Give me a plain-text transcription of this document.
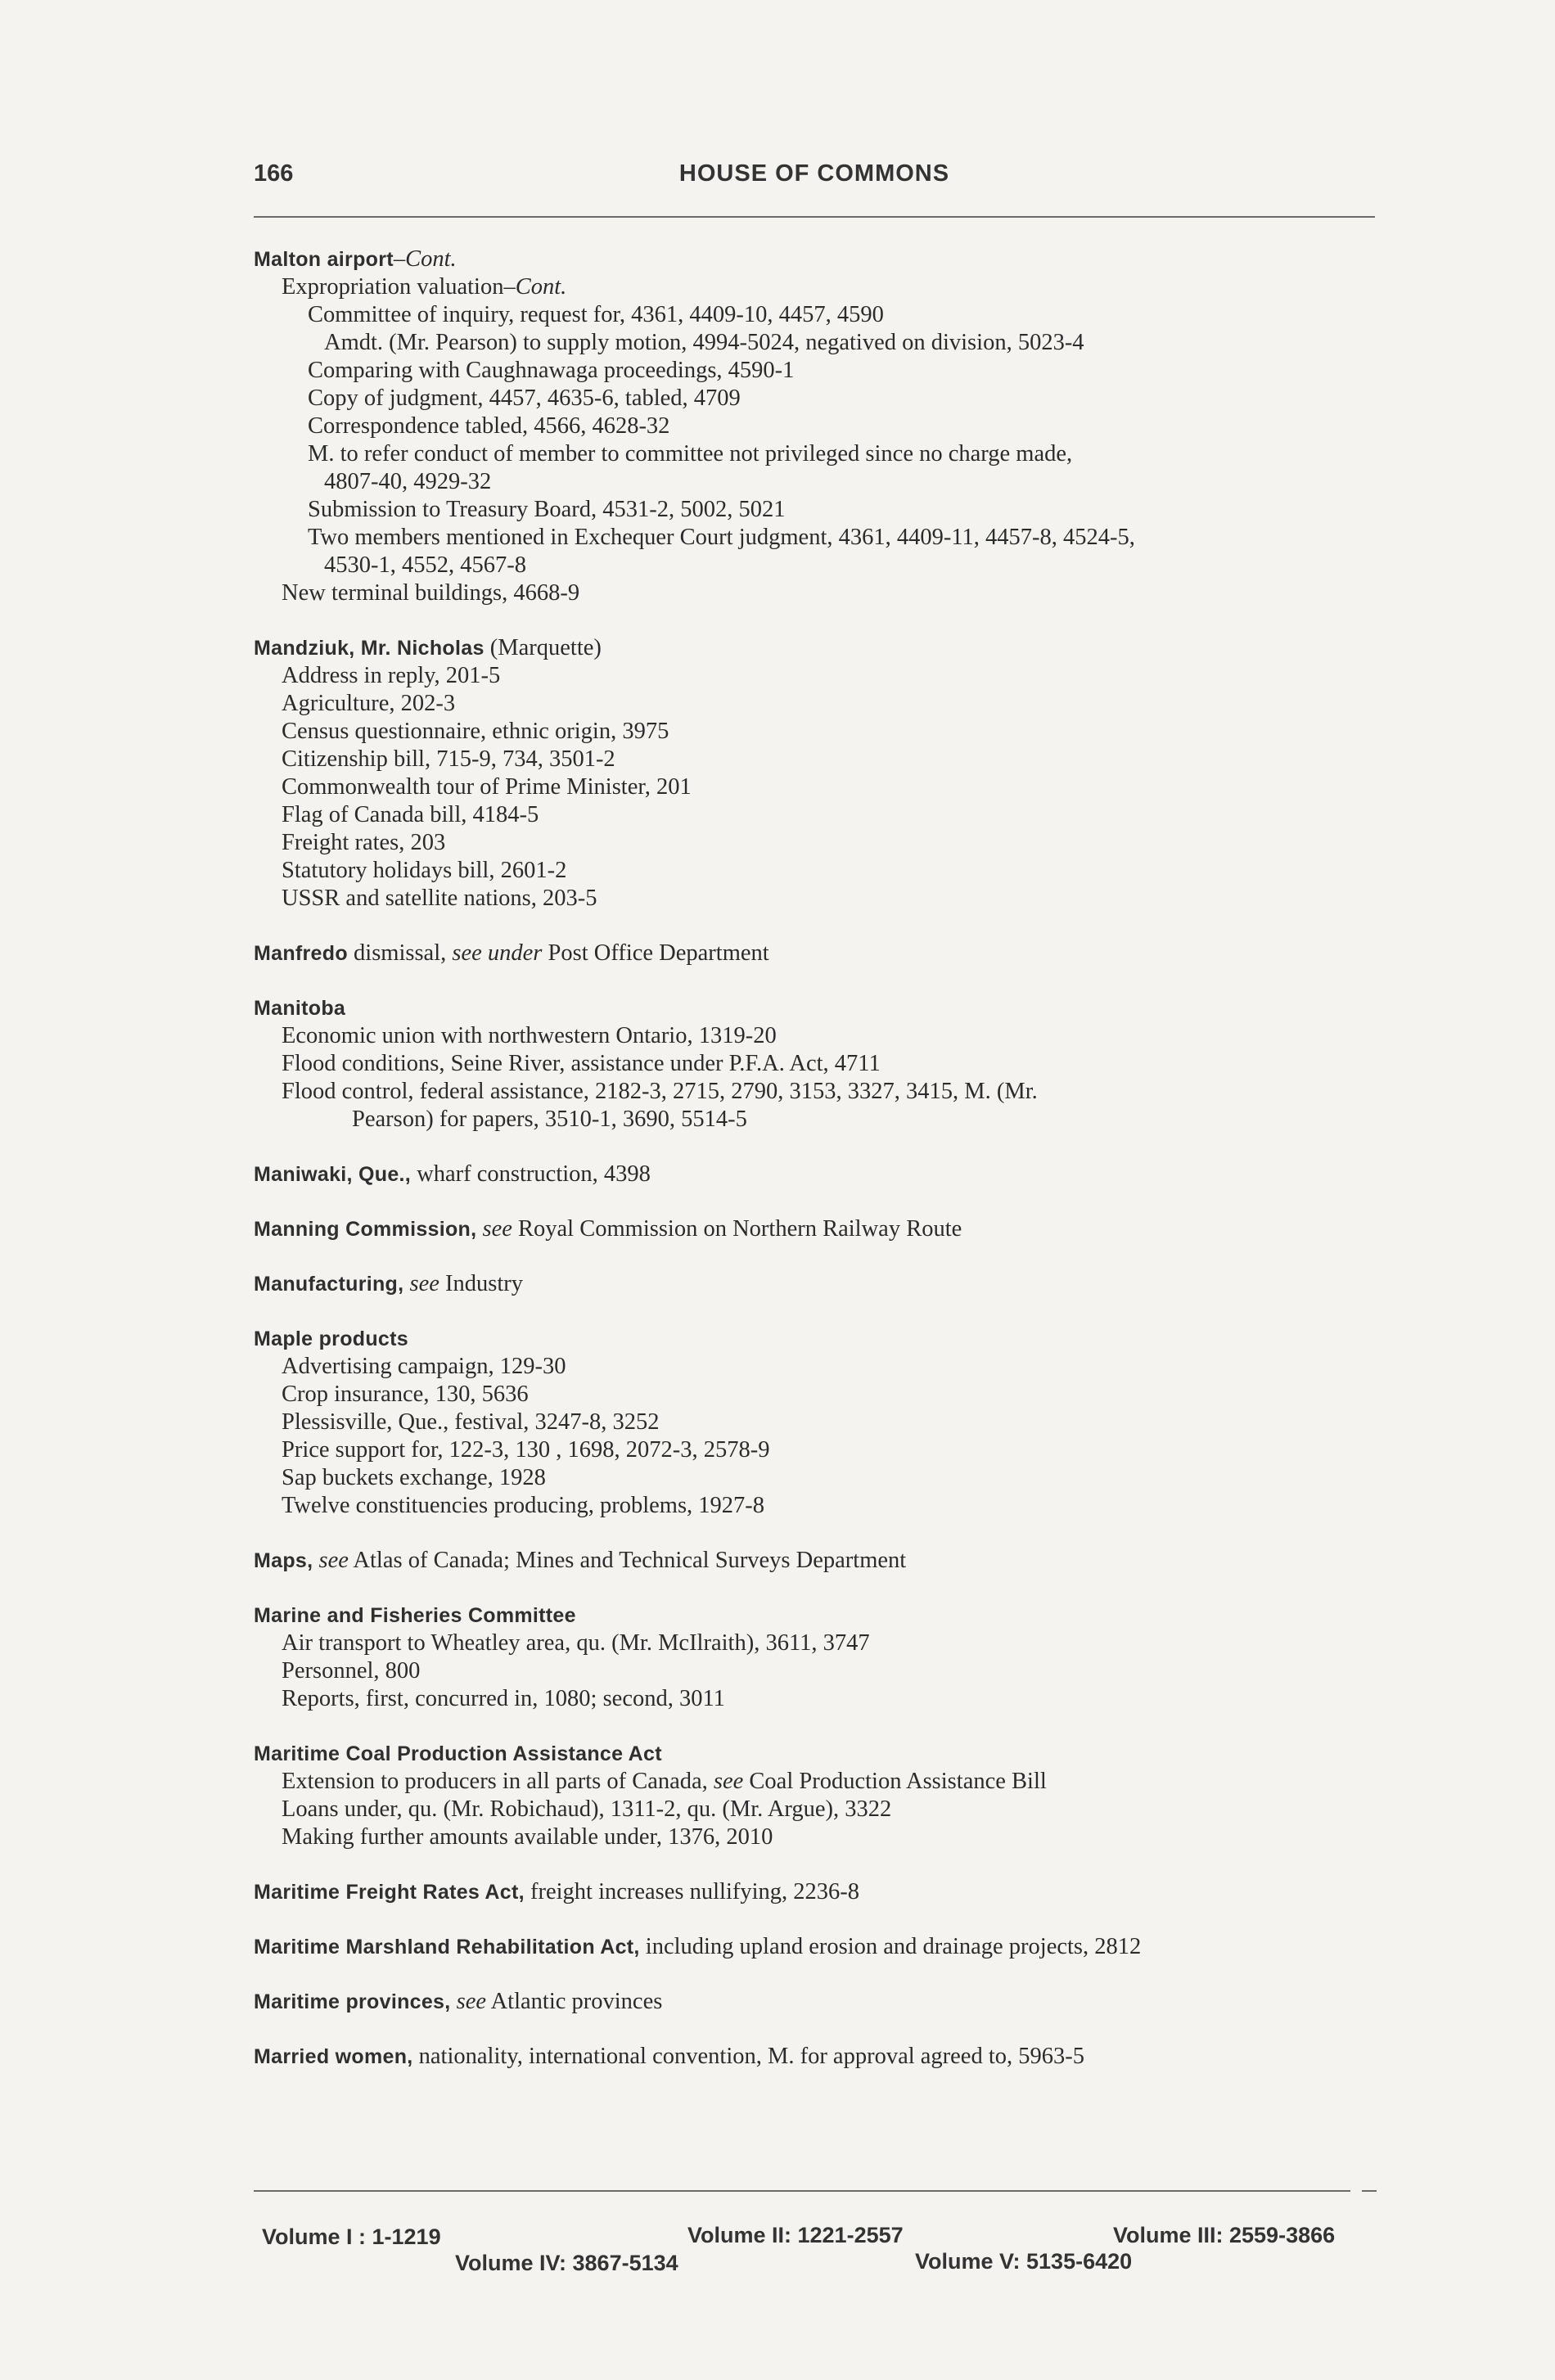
166	HOUSE OF COMMONS
Malton airport–Cont.
Expropriation valuation–Cont.
Committee of inquiry, request for, 4361, 4409-10, 4457, 4590
Amdt. (Mr. Pearson) to supply motion, 4994-5024, negatived on division, 5023-4
Comparing with Caughnawaga proceedings, 4590-1
Copy of judgment, 4457, 4635-6, tabled, 4709
Correspondence tabled, 4566, 4628-32
M. to refer conduct of member to committee not privileged since no charge made,
4807-40, 4929-32
Submission to Treasury Board, 4531-2, 5002, 5021
Two members mentioned in Exchequer Court judgment, 4361, 4409-11, 4457-8, 4524-5,
4530-1, 4552, 4567-8
New terminal buildings, 4668-9
Mandziuk, Mr. Nicholas (Marquette)
Address in reply, 201-5
Agriculture, 202-3
Census questionnaire, ethnic origin, 3975
Citizenship bill, 715-9, 734, 3501-2
Commonwealth tour of Prime Minister, 201
Flag of Canada bill, 4184-5
Freight rates, 203
Statutory holidays bill, 2601-2
USSR and satellite nations, 203-5
Manfredo dismissal, see under Post Office Department
Manitoba
Economic union with northwestern Ontario, 1319-20
Flood conditions, Seine River, assistance under P.F.A. Act, 4711
Flood control, federal assistance, 2182-3, 2715, 2790, 3153, 3327, 3415, M. (Mr.
Pearson) for papers, 3510-1, 3690, 5514-5
Maniwaki, Que., wharf construction, 4398
Manning Commission, see Royal Commission on Northern Railway Route
Manufacturing, see Industry
Maple products
Advertising campaign, 129-30
Crop insurance, 130, 5636
Plessisville, Que., festival, 3247-8, 3252
Price support for, 122-3, 130 , 1698, 2072-3, 2578-9
Sap buckets exchange, 1928
Twelve constituencies producing, problems, 1927-8
Maps, see Atlas of Canada; Mines and Technical Surveys Department
Marine and Fisheries Committee
Air transport to Wheatley area, qu. (Mr. McIlraith), 3611, 3747
Personnel, 800
Reports, first, concurred in, 1080; second, 3011
Maritime Coal Production Assistance Act
Extension to producers in all parts of Canada, see Coal Production Assistance Bill
Loans under, qu. (Mr. Robichaud), 1311-2, qu. (Mr. Argue), 3322
Making further amounts available under, 1376, 2010
Maritime Freight Rates Act, freight increases nullifying, 2236-8
Maritime Marshland Rehabilitation Act, including upland erosion and drainage projects, 2812
Maritime provinces, see Atlantic provinces
Married women, nationality, international convention, M. for approval agreed to, 5963-5
Volume I : 1-1219	Volume II: 1221-2557	Volume III: 2559-3866
Volume IV: 3867-5134	Volume V: 5135-6420
